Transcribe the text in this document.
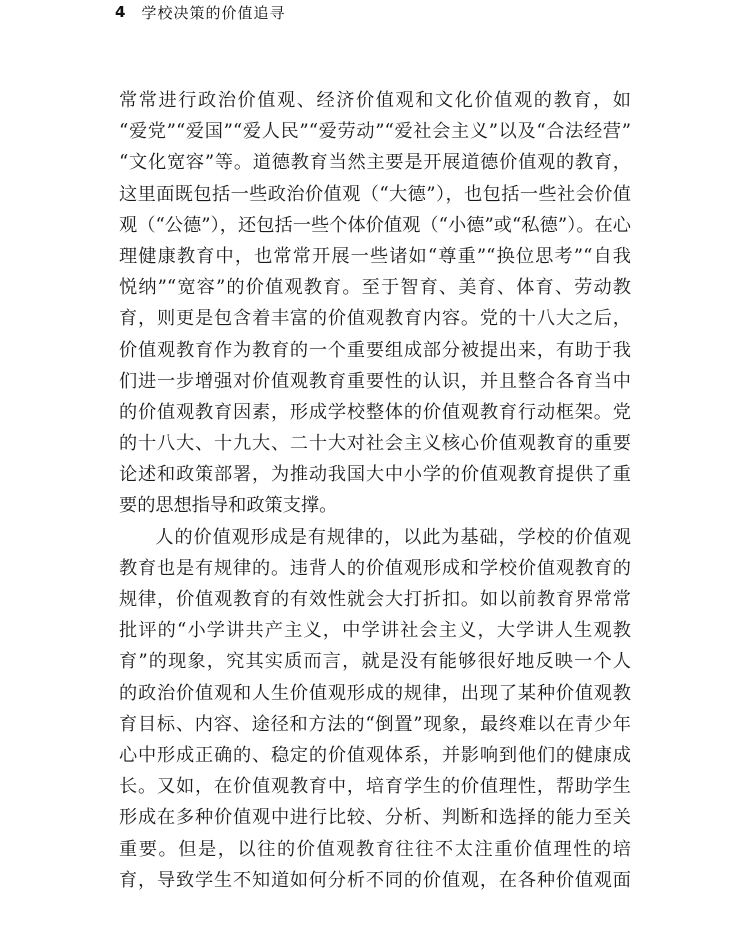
4 学校决策的价值追寻

常常进行政治价值观、经济价值观和文化价值观的教育，如
“爱党”“爱国”“爱人民”“爱劳动”“爱社会主义”以及“合法经营”
“文化宽容”等。道德教育当然主要是开展道德价值观的教育，
这里面既包括一些政治价值观（“大德”），也包括一些社会价值
观（“公德”），还包括一些个体价值观（“小德”或“私德”）。在心
理健康教育中，也常常开展一些诸如“尊重”“换位思考”“自我
悦纳”“宽容”的价值观教育。至于智育、美育、体育、劳动教
育，则更是包含着丰富的价值观教育内容。党的十八大之后，
价值观教育作为教育的一个重要组成部分被提出来，有助于我
们进一步增强对价值观教育重要性的认识，并且整合各育当中
的价值观教育因素，形成学校整体的价值观教育行动框架。党
的十八大、十九大、二十大对社会主义核心价值观教育的重要
论述和政策部署，为推动我国大中小学的价值观教育提供了重
要的思想指导和政策支撑。

人的价值观形成是有规律的，以此为基础，学校的价值观
教育也是有规律的。违背人的价值观形成和学校价值观教育的
规律，价值观教育的有效性就会大打折扣。如以前教育界常常
批评的“小学讲共产主义，中学讲社会主义，大学讲人生观教
育”的现象，究其实质而言，就是没有能够很好地反映一个人
的政治价值观和人生价值观形成的规律，出现了某种价值观教
育目标、内容、途径和方法的“倒置”现象，最终难以在青少年
心中形成正确的、稳定的价值观体系，并影响到他们的健康成
长。又如，在价值观教育中，培育学生的价值理性，帮助学生
形成在多种价值观中进行比较、分析、判断和选择的能力至关
重要。但是，以往的价值观教育往往不太注重价值理性的培
育，导致学生不知道如何分析不同的价值观，在各种价值观面
